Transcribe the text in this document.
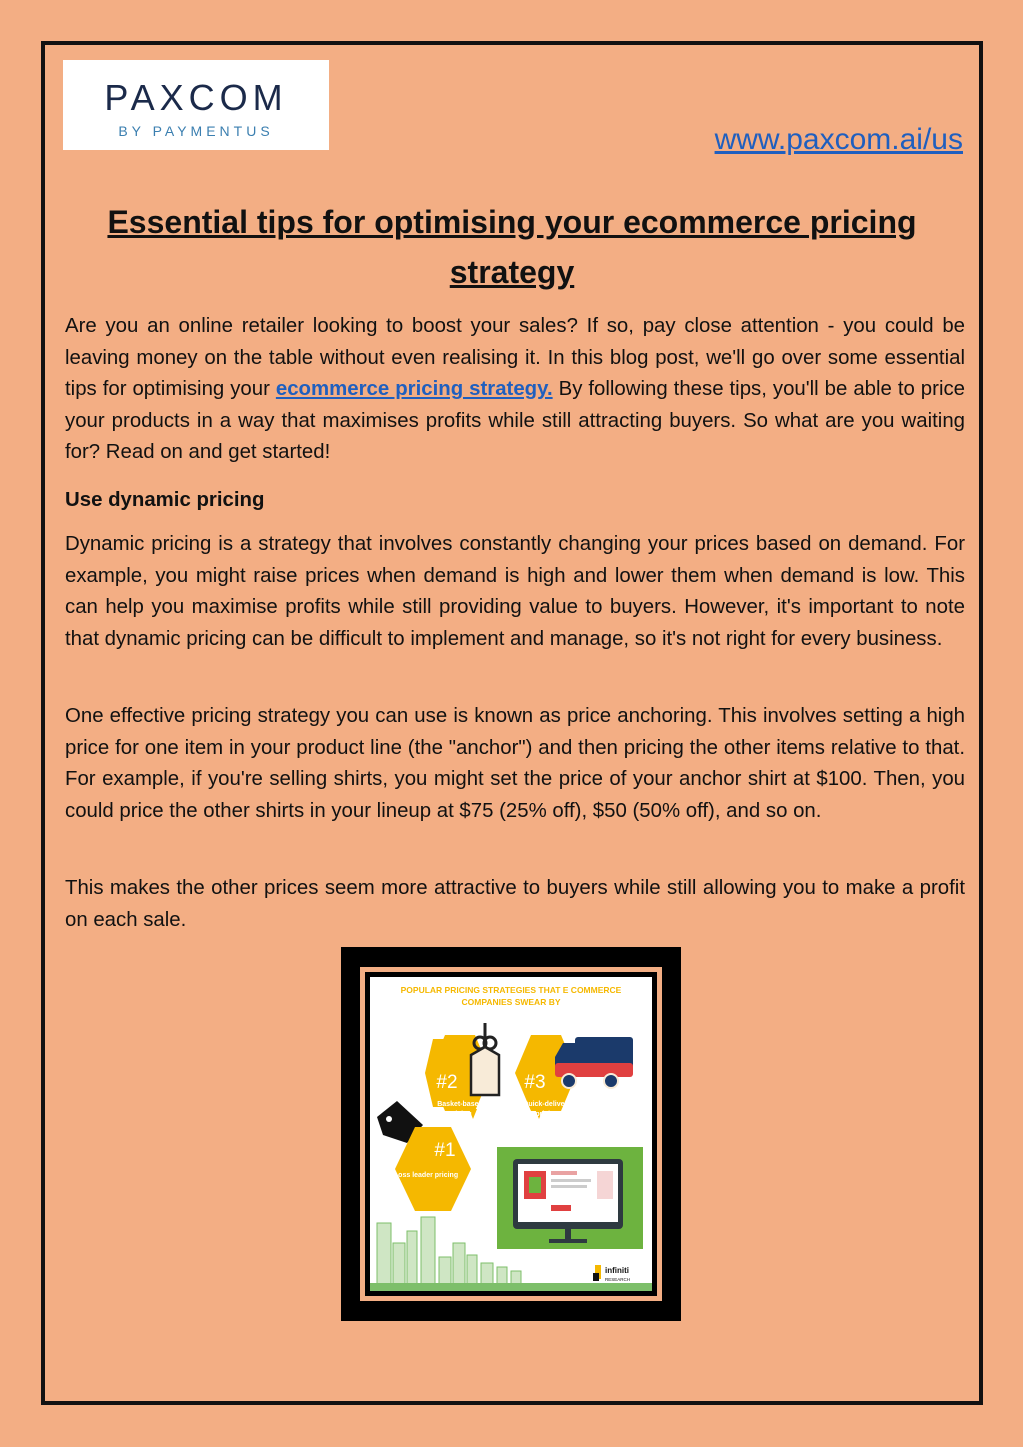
PAXCOM
BY PAYMENTUS	www.paxcom.ai/us
Essential tips for optimising your ecommerce pricing strategy
Are you an online retailer looking to boost your sales? If so, pay close attention - you could be leaving money on the table without even realising it. In this blog post, we'll go over some essential tips for optimising your ecommerce pricing strategy. By following these tips, you'll be able to price your products in a way that maximises profits while still attracting buyers. So what are you waiting for? Read on and get started!
Use dynamic pricing
Dynamic pricing is a strategy that involves constantly changing your prices based on demand. For example, you might raise prices when demand is high and lower them when demand is low. This can help you maximise profits while still providing value to buyers. However, it's important to note that dynamic pricing can be difficult to implement and manage, so it's not right for every business.
One effective pricing strategy you can use is known as price anchoring. This involves setting a high price for one item in your product line (the "anchor") and then pricing the other items relative to that. For example, if you're selling shirts, you might set the price of your anchor shirt at $100. Then, you could price the other shirts in your lineup at $75 (25% off), $50 (50% off), and so on.
This makes the other prices seem more attractive to buyers while still allowing you to make a profit on each sale.
POPULAR PRICING STRATEGIES THAT E COMMERCE
COMPANIES SWEAR BY
#2
Basket-based
pricing
#3
Quick-delivery
pricing
#1
Loss leader pricing
infiniti
RESEARCH
